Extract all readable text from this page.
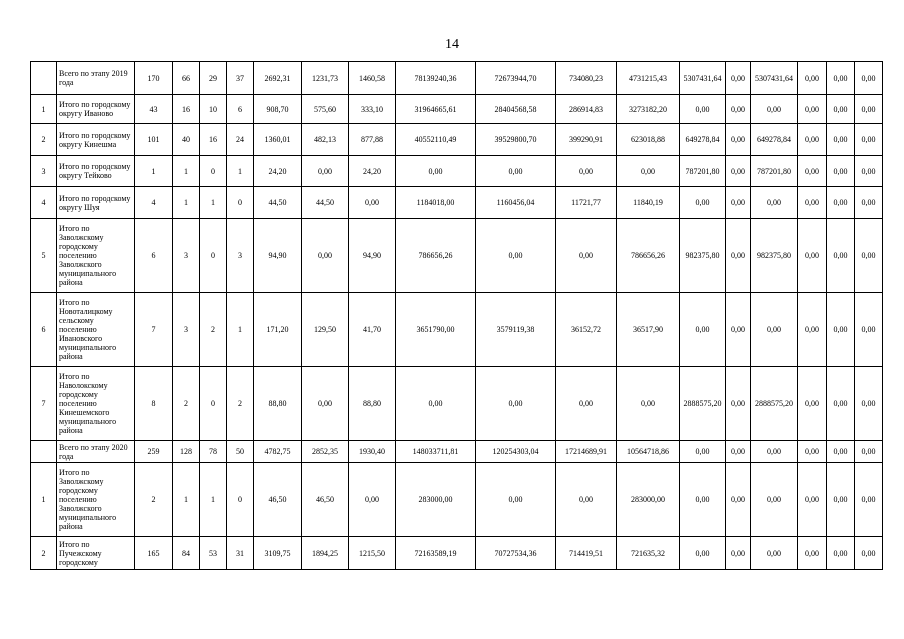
14
	Всего по этапу 2019 года	170	66	29	37	2692,31	1231,73	1460,58	78139240,36	72673944,70	734080,23	4731215,43	5307431,64	0,00	5307431,64	0,00	0,00	0,00
1	Итого по городскому округу Иваново	43	16	10	6	908,70	575,60	333,10	31964665,61	28404568,58	286914,83	3273182,20	0,00	0,00	0,00	0,00	0,00	0,00
2	Итого по городскому округу Кинешма	101	40	16	24	1360,01	482,13	877,88	40552110,49	39529800,70	399290,91	623018,88	649278,84	0,00	649278,84	0,00	0,00	0,00
3	Итого по городскому округу Тейково	1	1	0	1	24,20	0,00	24,20	0,00	0,00	0,00	0,00	787201,80	0,00	787201,80	0,00	0,00	0,00
4	Итого по городскому округу Шуя	4	1	1	0	44,50	44,50	0,00	1184018,00	1160456,04	11721,77	11840,19	0,00	0,00	0,00	0,00	0,00	0,00
5	Итого по Заволжскому городскому поселению Заволжского муниципального района	6	3	0	3	94,90	0,00	94,90	786656,26	0,00	0,00	786656,26	982375,80	0,00	982375,80	0,00	0,00	0,00
6	Итого по Новоталицкому сельскому поселению Ивановского муниципального района	7	3	2	1	171,20	129,50	41,70	3651790,00	3579119,38	36152,72	36517,90	0,00	0,00	0,00	0,00	0,00	0,00
7	Итого по Наволокскому городскому поселению Кинешемского муниципального района	8	2	0	2	88,80	0,00	88,80	0,00	0,00	0,00	0,00	2888575,20	0,00	2888575,20	0,00	0,00	0,00
	Всего по этапу 2020 года	259	128	78	50	4782,75	2852,35	1930,40	148033711,81	120254303,04	17214689,91	10564718,86	0,00	0,00	0,00	0,00	0,00	0,00
1	Итого по Заволжскому городскому поселению Заволжского муниципального района	2	1	1	0	46,50	46,50	0,00	283000,00	0,00	0,00	283000,00	0,00	0,00	0,00	0,00	0,00	0,00
2	Итого по Пучежскому городскому	165	84	53	31	3109,75	1894,25	1215,50	72163589,19	70727534,36	714419,51	721635,32	0,00	0,00	0,00	0,00	0,00	0,00
